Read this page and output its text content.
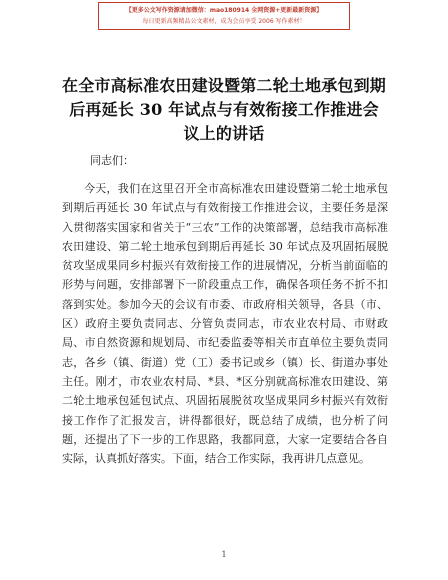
【更多公文写作资源请加微信：mao180914 全网资源+更新最新资源】
每日更新高频精品公文素材，成为会员享受 2006 写作素材！
在全市高标准农田建设暨第二轮土地承包到期后再延长 30 年试点与有效衔接工作推进会议上的讲话
同志们：
今天，我们在这里召开全市高标准农田建设暨第二轮土地承包到期后再延长 30 年试点与有效衔接工作推进会议，主要任务是深入贯彻落实国家和省关于“三农”工作的决策部署，总结我市高标准农田建设、第二轮土地承包到期后再延长 30 年试点及巩固拓展脱贫攻坚成果同乡村振兴有效衔接工作的进展情况，分析当前面临的形势与问题，安排部署下一阶段重点工作，确保各项任务不折不扣落到实处。参加今天的会议有市委、市政府相关领导，各县（市、区）政府主要负责同志、分管负责同志，市农业农村局、市财政局、市自然资源和规划局、市纪委监委等相关市直单位主要负责同志，各乡（镇、街道）党（工）委书记或乡（镇）长、街道办事处主任。刚才，市农业农村局、*县、*区分别就高标准农田建设、第二轮土地承包延包试点、巩固拓展脱贫攻坚成果同乡村振兴有效衔接工作作了汇报发言，讲得都很好，既总结了成绩，也分析了问题，还提出了下一步的工作思路，我都同意，大家一定要结合各自实际，认真抓好落实。下面，结合工作实际，我再讲几点意见。
1
